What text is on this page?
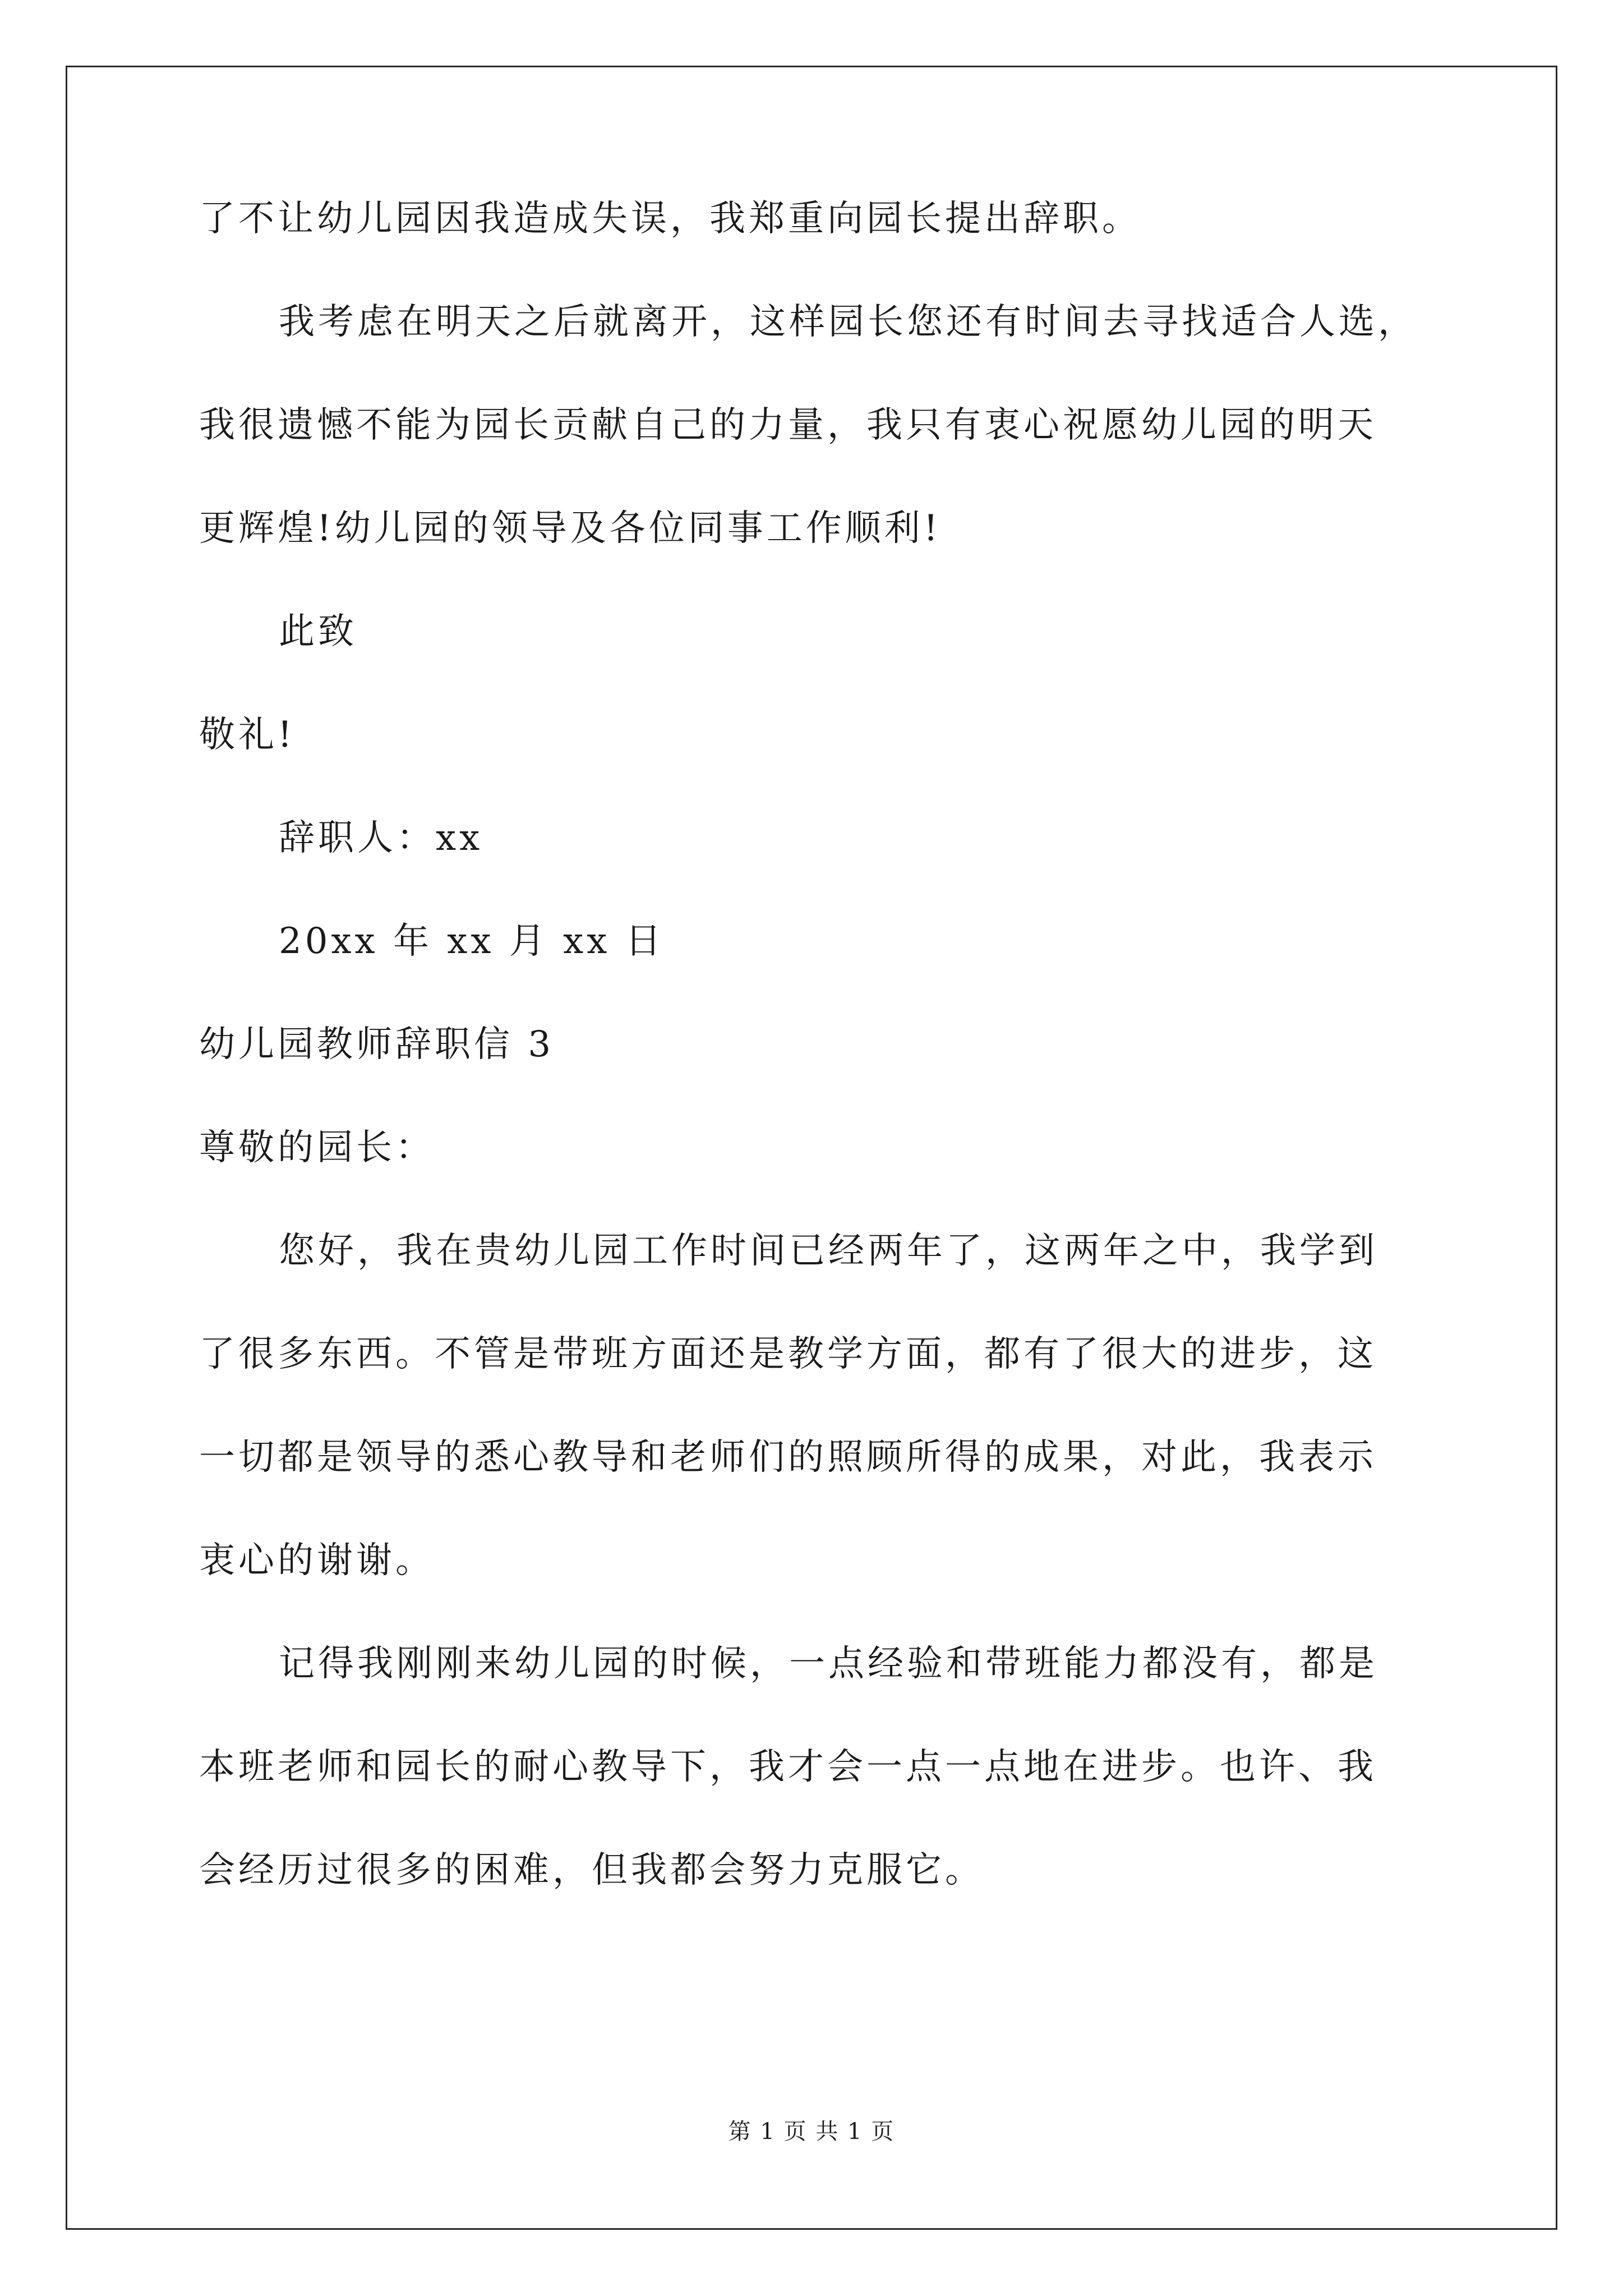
了不让幼儿园因我造成失误，我郑重向园长提出辞职。
我考虑在明天之后就离开，这样园长您还有时间去寻找适合人选，
我很遗憾不能为园长贡献自己的力量，我只有衷心祝愿幼儿园的明天
更辉煌!幼儿园的领导及各位同事工作顺利!
此致
敬礼!
辞职人：xx
20xx 年 xx 月 xx 日
幼儿园教师辞职信 3
尊敬的园长：
您好，我在贵幼儿园工作时间已经两年了，这两年之中，我学到
了很多东西。不管是带班方面还是教学方面，都有了很大的进步，这
一切都是领导的悉心教导和老师们的照顾所得的成果，对此，我表示
衷心的谢谢。
记得我刚刚来幼儿园的时候，一点经验和带班能力都没有，都是
本班老师和园长的耐心教导下，我才会一点一点地在进步。也许、我
会经历过很多的困难，但我都会努力克服它。
第 1 页 共 1 页
